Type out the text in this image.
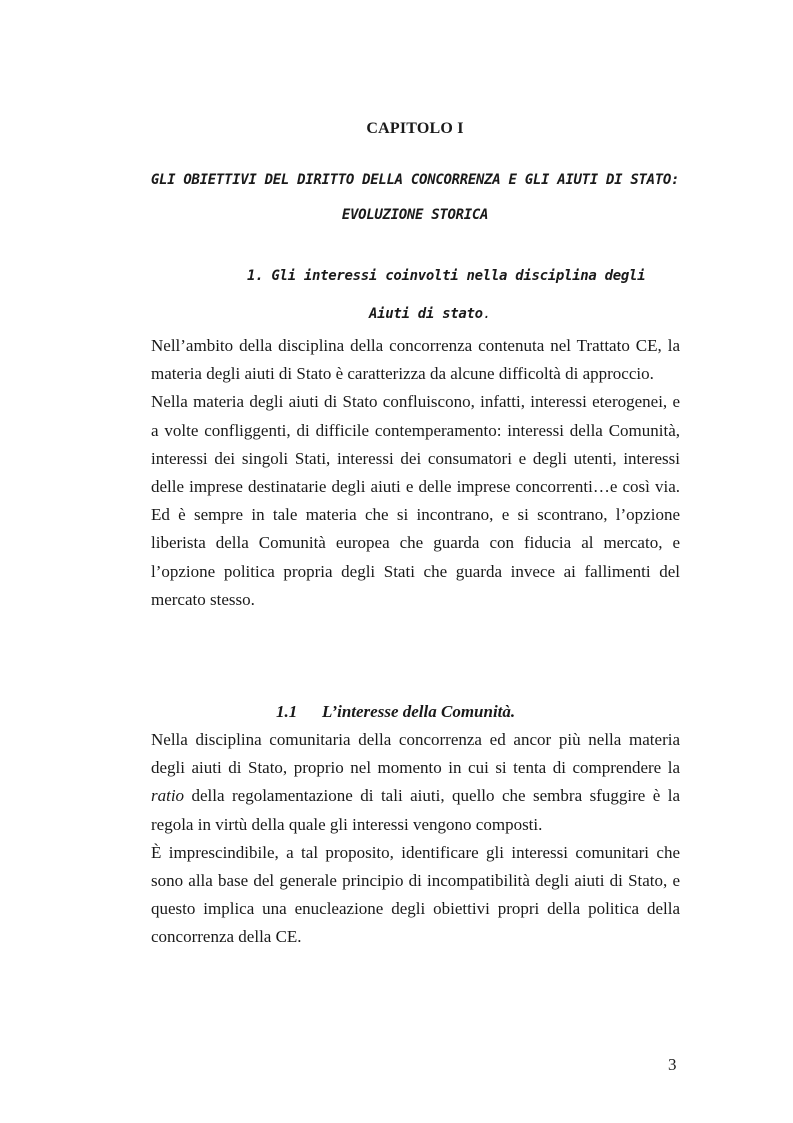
CAPITOLO I
GLI OBIETTIVI DEL DIRITTO DELLA CONCORRENZA E GLI AIUTI DI STATO: EVOLUZIONE STORICA
1. Gli interessi coinvolti nella disciplina degli
Aiuti di stato.

Nell’ambito della disciplina della concorrenza contenuta nel Trattato CE, la materia degli aiuti di Stato è caratterizza da alcune difficoltà di approccio.

Nella materia degli aiuti di Stato confluiscono, infatti, interessi eterogenei, e a volte confliggenti, di difficile contemperamento: interessi della Comunità, interessi dei singoli Stati, interessi dei consumatori e degli utenti, interessi delle imprese destinatarie degli aiuti e delle imprese concorrenti…e così via. Ed è sempre in tale materia che si incontrano, e si scontrano, l’opzione liberista della Comunità europea che guarda con fiducia al mercato, e l’opzione politica propria degli Stati che guarda invece ai fallimenti del mercato stesso.

1.1 L’interesse della Comunità.

Nella disciplina comunitaria della concorrenza ed ancor più nella materia degli aiuti di Stato, proprio nel momento in cui si tenta di comprendere la ratio della regolamentazione di tali aiuti, quello che sembra sfuggire è la regola in virtù della quale gli interessi vengono composti.

È imprescindibile, a tal proposito, identificare gli interessi comunitari che sono alla base del generale principio di incompatibilità degli aiuti di Stato, e questo implica una enucleazione degli obiettivi propri della politica della concorrenza della CE.

3
